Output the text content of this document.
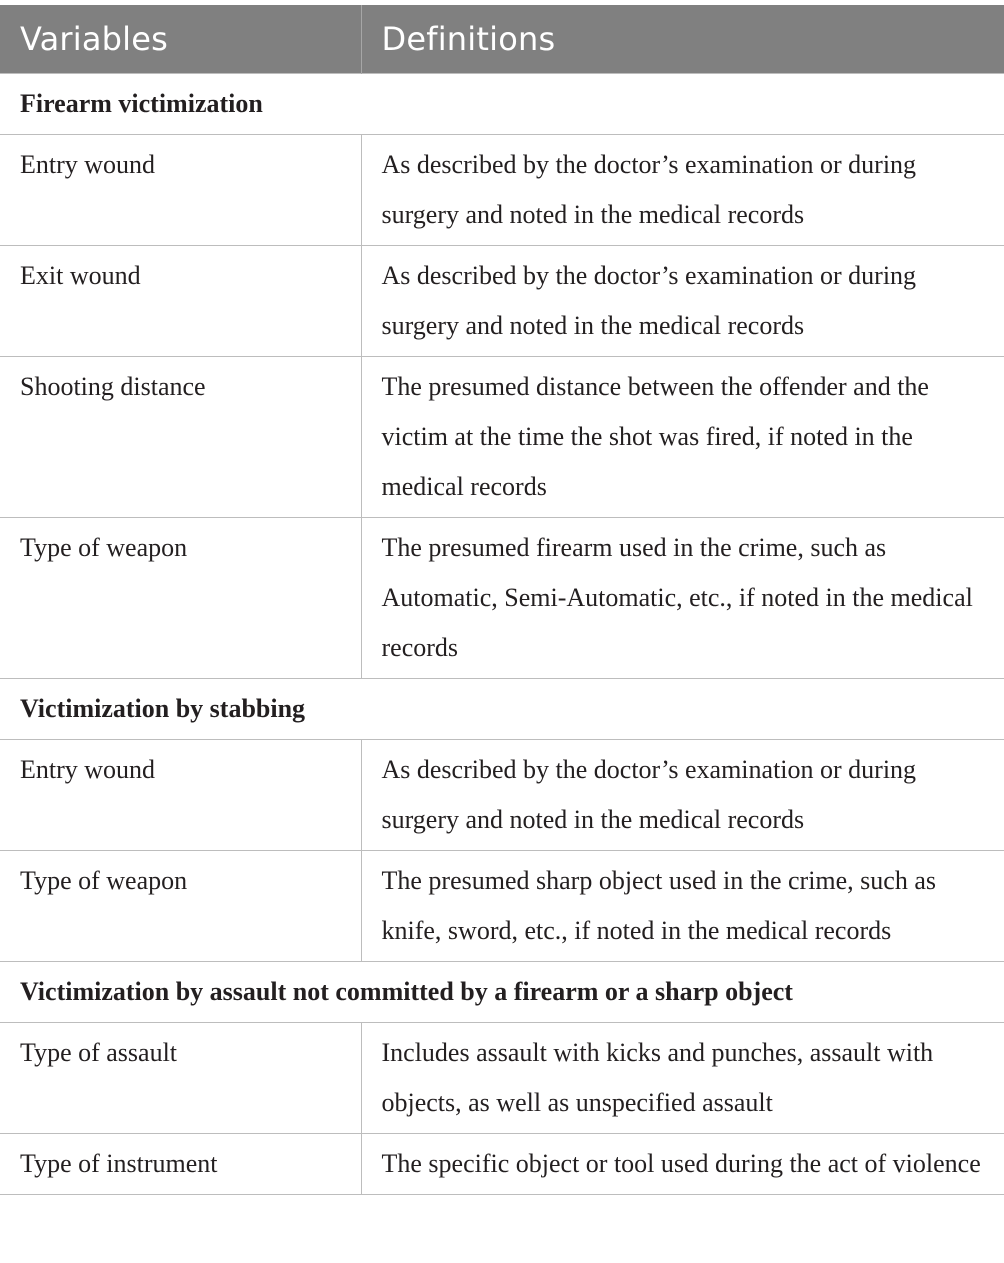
Variables	Definitions
Firearm victimization	
Entry wound	As described by the doctor’s examination or during surgery and noted in the medical records
Exit wound	As described by the doctor’s examination or during surgery and noted in the medical records
Shooting distance	The presumed distance between the offender and the victim at the time the shot was fired, if noted in the medical records
Type of weapon	The presumed firearm used in the crime, such as Automatic, Semi-Automatic, etc., if noted in the medical records
Victimization by stabbing	
Entry wound	As described by the doctor’s examination or during surgery and noted in the medical records
Type of weapon	The presumed sharp object used in the crime, such as knife, sword, etc., if noted in the medical records
Victimization by assault not committed by a firearm or a sharp object	
Type of assault	Includes assault with kicks and punches, assault with objects, as well as unspecified assault
Type of instrument	The specific object or tool used during the act of violence
